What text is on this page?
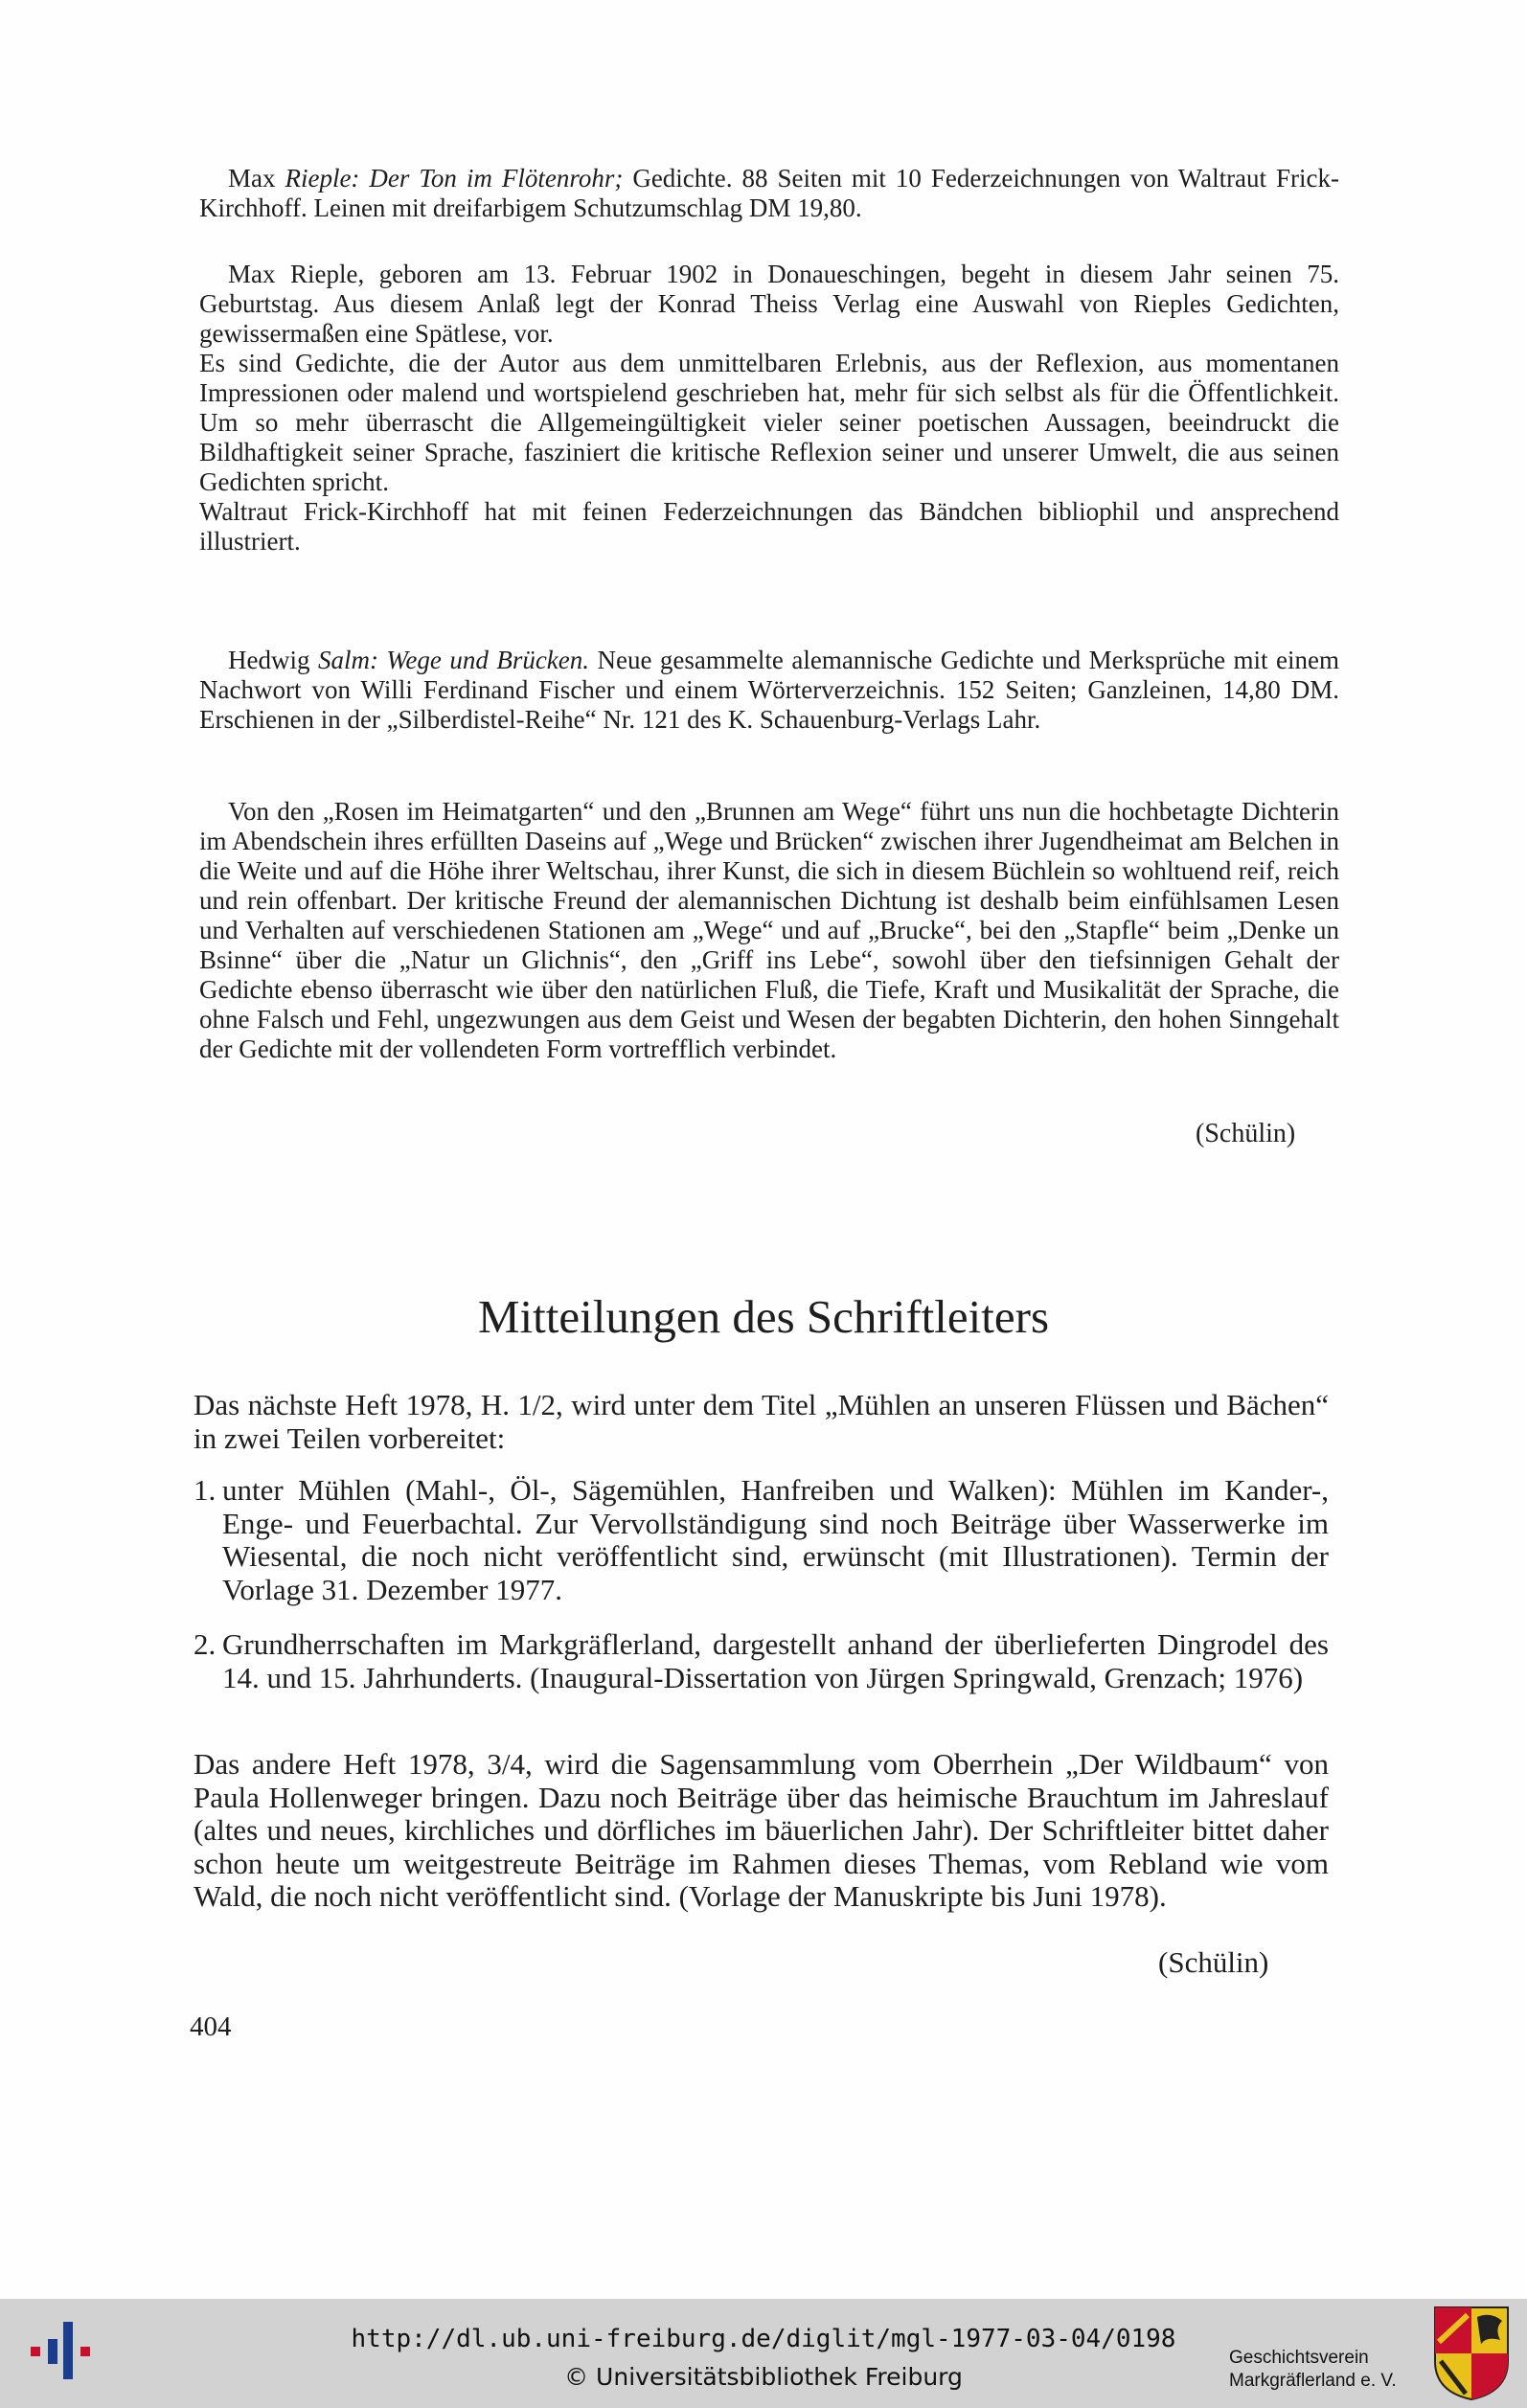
Max Rieple: Der Ton im Flötenrohr; Gedichte. 88 Seiten mit 10 Federzeichnungen von Waltraut Frick-Kirchhoff. Leinen mit dreifarbigem Schutzumschlag DM 19,80.

Max Rieple, geboren am 13. Februar 1902 in Donaueschingen, begeht in diesem Jahr seinen 75. Geburtstag. Aus diesem Anlaß legt der Konrad Theiss Verlag eine Auswahl von Rieples Gedichten, gewissermaßen eine Spätlese, vor.

Es sind Gedichte, die der Autor aus dem unmittelbaren Erlebnis, aus der Reflexion, aus momentanen Impressionen oder malend und wortspielend geschrieben hat, mehr für sich selbst als für die Öffentlichkeit. Um so mehr überrascht die Allgemeingültigkeit vieler seiner poetischen Aussagen, beeindruckt die Bildhaftigkeit seiner Sprache, fasziniert die kritische Reflexion seiner und unserer Umwelt, die aus seinen Gedichten spricht.

Waltraut Frick-Kirchhoff hat mit feinen Federzeichnungen das Bändchen bibliophil und ansprechend illustriert.

Hedwig Salm: Wege und Brücken. Neue gesammelte alemannische Gedichte und Merksprüche mit einem Nachwort von Willi Ferdinand Fischer und einem Wörterverzeichnis. 152 Seiten; Ganzleinen, 14,80 DM. Erschienen in der „Silberdistel-Reihe“ Nr. 121 des K. Schauenburg-Verlags Lahr.

Von den „Rosen im Heimatgarten“ und den „Brunnen am Wege“ führt uns nun die hochbetagte Dichterin im Abendschein ihres erfüllten Daseins auf „Wege und Brücken“ zwischen ihrer Jugendheimat am Belchen in die Weite und auf die Höhe ihrer Weltschau, ihrer Kunst, die sich in diesem Büchlein so wohltuend reif, reich und rein offenbart. Der kritische Freund der alemannischen Dichtung ist deshalb beim einfühlsamen Lesen und Verhalten auf verschiedenen Stationen am „Wege“ und auf „Brucke“, bei den „Stapfle“ beim „Denke un Bsinne“ über die „Natur un Glichnis“, den „Griff ins Lebe“, sowohl über den tiefsinnigen Gehalt der Gedichte ebenso überrascht wie über den natürlichen Fluß, die Tiefe, Kraft und Musikalität der Sprache, die ohne Falsch und Fehl, ungezwungen aus dem Geist und Wesen der begabten Dichterin, den hohen Sinngehalt der Gedichte mit der vollendeten Form vortrefflich verbindet.

(Schülin)
Mitteilungen des Schriftleiters

Das nächste Heft 1978, H. 1/2, wird unter dem Titel „Mühlen an unseren Flüssen und Bächen“ in zwei Teilen vorbereitet:

1. unter Mühlen (Mahl-, Öl-, Sägemühlen, Hanfreiben und Walken): Mühlen im Kander-, Enge- und Feuerbachtal. Zur Vervollständigung sind noch Beiträge über Wasserwerke im Wiesental, die noch nicht veröffentlicht sind, erwünscht (mit Illustrationen). Termin der Vorlage 31. Dezember 1977.
2. Grundherrschaften im Markgräflerland, dargestellt anhand der überlieferten Dingrodel des 14. und 15. Jahrhunderts. (Inaugural-Dissertation von Jürgen Springwald, Grenzach; 1976)

Das andere Heft 1978, 3/4, wird die Sagensammlung vom Oberrhein „Der Wildbaum“ von Paula Hollenweger bringen. Dazu noch Beiträge über das heimische Brauchtum im Jahreslauf (altes und neues, kirchliches und dörfliches im bäuerlichen Jahr). Der Schriftleiter bittet daher schon heute um weitgestreute Beiträge im Rahmen dieses Themas, vom Rebland wie vom Wald, die noch nicht veröffentlicht sind. (Vorlage der Manuskripte bis Juni 1978).

(Schülin)
404
http://dl.ub.uni-freiburg.de/diglit/mgl-1977-03-04/0198
© Universitätsbibliothek Freiburg
Geschichtsverein
Markgräflerland e. V.
